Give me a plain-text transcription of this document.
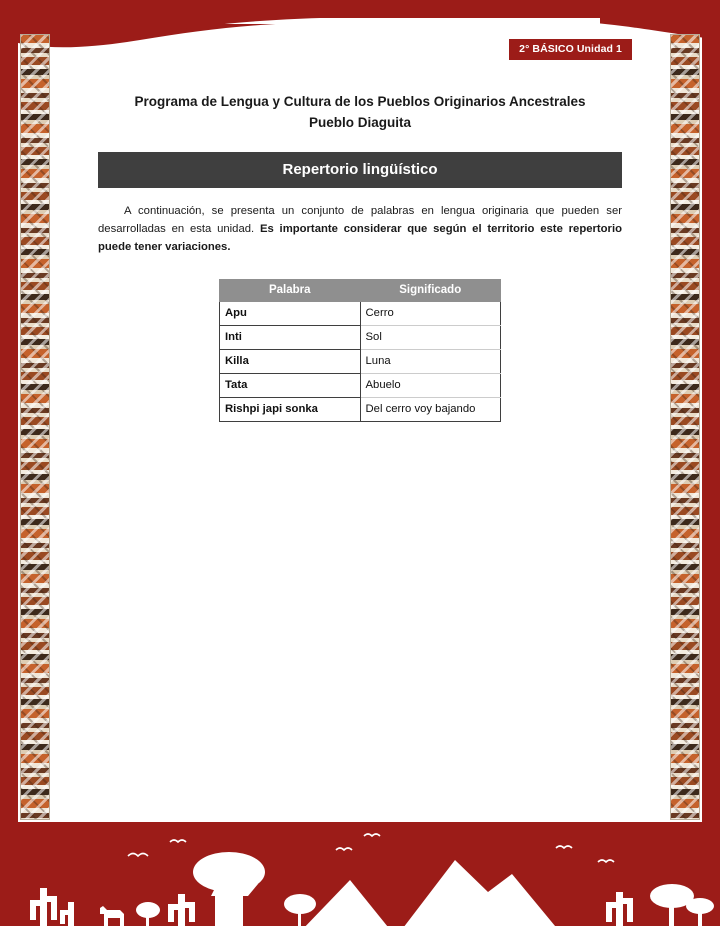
2° BÁSICO Unidad 1
Programa de Lengua y Cultura de los Pueblos Originarios Ancestrales
Pueblo Diaguita
Repertorio lingüístico

A continuación, se presenta un conjunto de palabras en lengua originaria que pueden ser desarrolladas en esta unidad. Es importante considerar que según el territorio este repertorio puede tener variaciones.

Palabra	Significado
Apu	Cerro
Inti	Sol
Killa	Luna
Tata	Abuelo
Rishpi japi sonka	Del cerro voy bajando
